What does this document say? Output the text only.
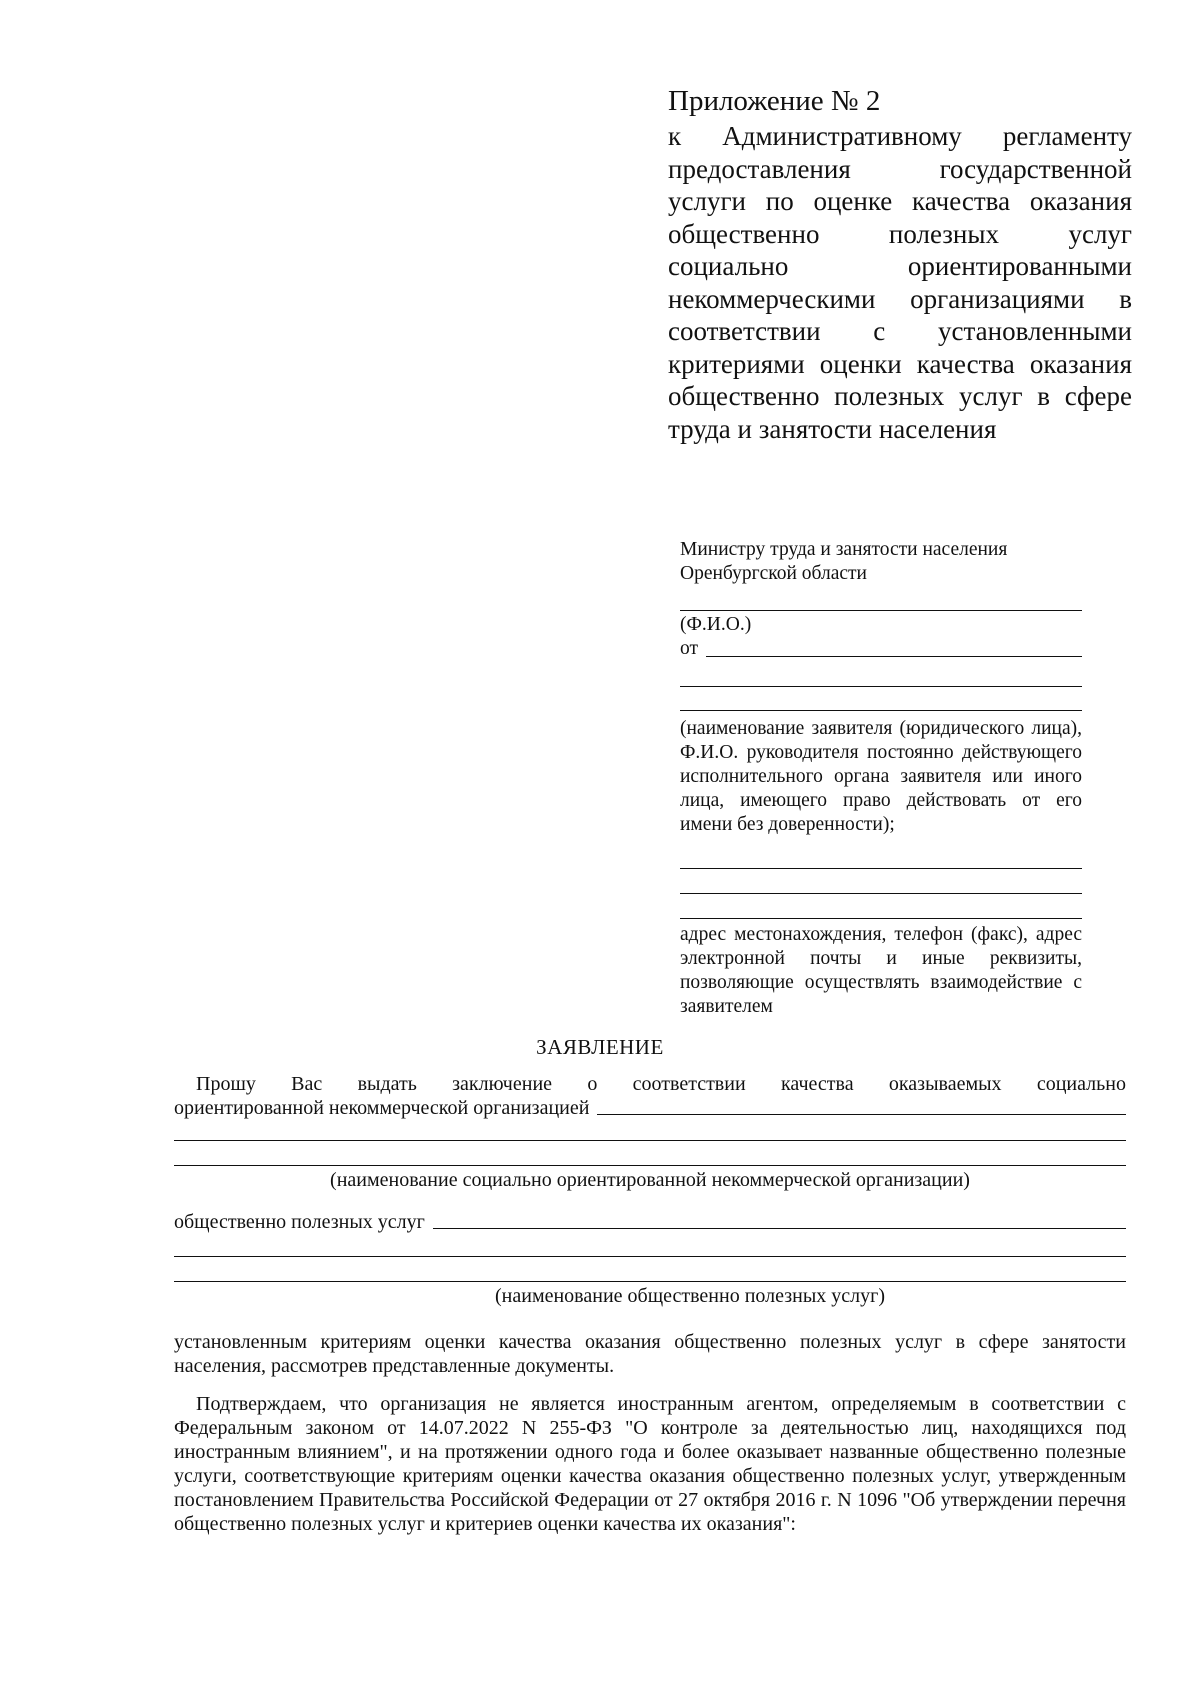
Приложение № 2

к Административному регламенту предоставления государственной услуги по оценке качества оказания общественно полезных услуг социально ориентированными некоммерческими организациями в соответствии с установленными критериями оценки качества оказания общественно полезных услуг в сфере труда и занятости населения

Министру труда и занятости населения
Оренбургской области
(Ф.И.О.)
от

(наименование заявителя (юридического лица), Ф.И.О. руководителя постоянно действующего исполнительного органа заявителя или иного лица, имеющего право действовать от его имени без доверенности);

адрес местонахождения, телефон (факс), адрес электронной почты и иные реквизиты, позволяющие осуществлять взаимодействие с заявителем

ЗАЯВЛЕНИЕ

Прошу Вас выдать заключение о соответствии качества оказываемых социально

ориентированной некоммерческой организацией

(наименование социально ориентированной некоммерческой организации)

общественно полезных услуг

(наименование общественно полезных услуг)

установленным критериям оценки качества оказания общественно полезных услуг в сфере занятости населения, рассмотрев представленные документы.

Подтверждаем, что организация не является иностранным агентом, определяемым в соответствии с Федеральным законом от 14.07.2022 N 255-ФЗ "О контроле за деятельностью лиц, находящихся под иностранным влиянием", и на протяжении одного года и более оказывает названные общественно полезные услуги, соответствующие критериям оценки качества оказания общественно полезных услуг, утвержденным постановлением Правительства Российской Федерации от 27 октября 2016 г. N 1096 "Об утверждении перечня общественно полезных услуг и критериев оценки качества их оказания":
